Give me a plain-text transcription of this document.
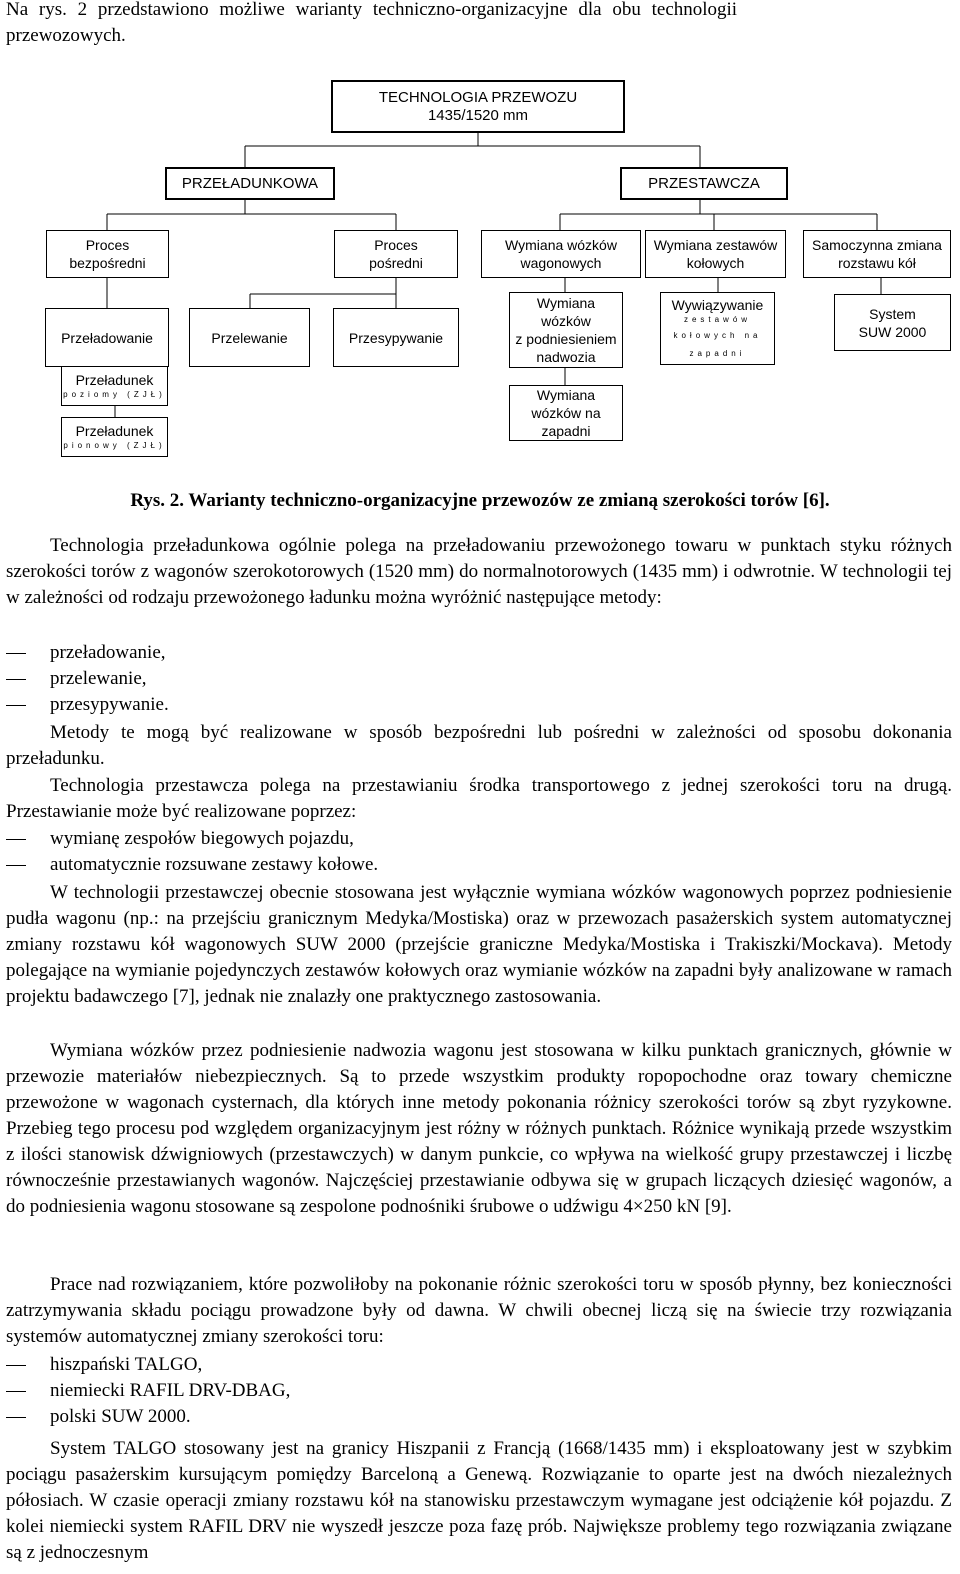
Na rys. 2 przedstawiono możliwe warianty techniczno-organizacyjne dla obu technologii
przewozowych.
TECHNOLOGIA PRZEWOZU
1435/1520 mm
PRZEŁADUNKOWA	PRZESTAWCZA
Proces
bezpośredni
Proces
pośredni
Wymiana wózków
wagonowych
Wymiana zestawów
kołowych
Samoczynna zmiana
rozstawu kół
Przeładowanie	Przelewanie	Przesypywanie
Wymiana
wózków
z podniesieniem
nadwozia
Wywiązywanie
zestawów
kołowych na
zapadni
System
SUW 2000
Przeładunek
poziomy (ZJŁ)
Przeładunek
pionowy (ZJŁ)
Wymiana
wózków na
zapadni
Rys. 2. Warianty techniczno-organizacyjne przewozów ze zmianą szerokości torów [6].

Technologia przeładunkowa ogólnie polega na przeładowaniu przewożonego towaru w punktach styku różnych szerokości torów z wagonów szerokotorowych (1520 mm) do normalnotorowych (1435 mm) i odwrotnie. W technologii tej w zależności od rodzaju przewożonego ładunku można wyróżnić następujące metody:

przeładowanie,
przelewanie,
przesypywanie.

Metody te mogą być realizowane w sposób bezpośredni lub pośredni w zależności od sposobu dokonania przeładunku.

Technologia przestawcza polega na przestawianiu środka transportowego z jednej szerokości toru na drugą. Przestawianie może być realizowane poprzez:

wymianę zespołów biegowych pojazdu,
automatycznie rozsuwane zestawy kołowe.

W technologii przestawczej obecnie stosowana jest wyłącznie wymiana wózków wagonowych poprzez podniesienie pudła wagonu (np.: na przejściu granicznym Medyka/Mostiska) oraz w przewozach pasażerskich system automatycznej zmiany rozstawu kół wagonowych SUW 2000 (przejście graniczne Medyka/Mostiska i Trakiszki/Mockava). Metody polegające na wymianie pojedynczych zestawów kołowych oraz wymianie wózków na zapadni były analizowane w ramach projektu badawczego [7], jednak nie znalazły one praktycznego zastosowania.

Wymiana wózków przez podniesienie nadwozia wagonu jest stosowana w kilku punktach granicznych, głównie w przewozie materiałów niebezpiecznych. Są to przede wszystkim produkty ropopochodne oraz towary chemiczne przewożone w wagonach cysternach, dla których inne metody pokonania różnicy szerokości torów są zbyt ryzykowne. Przebieg tego procesu pod względem organizacyjnym jest różny w różnych punktach. Różnice wynikają przede wszystkim z ilości stanowisk dźwigniowych (przestawczych) w danym punkcie, co wpływa na wielkość grupy przestawczej i liczbę równocześnie przestawianych wagonów. Najczęściej przestawianie odbywa się w grupach liczących dziesięć wagonów, a do podniesienia wagonu stosowane są zespolone podnośniki śrubowe o udźwigu 4×250 kN [9].

Prace nad rozwiązaniem, które pozwoliłoby na pokonanie różnic szerokości toru w sposób płynny, bez konieczności zatrzymywania składu pociągu prowadzone były od dawna. W chwili obecnej liczą się na świecie trzy rozwiązania systemów automatycznej zmiany szerokości toru:

hiszpański TALGO,
niemiecki RAFIL DRV-DBAG,
polski SUW 2000.

System TALGO stosowany jest na granicy Hiszpanii z Francją (1668/1435 mm) i eksploatowany jest w szybkim pociągu pasażerskim kursującym pomiędzy Barceloną a Genewą. Rozwiązanie to oparte jest na dwóch niezależnych półosiach. W czasie operacji zmiany rozstawu kół na stanowisku przestawczym wymagane jest odciążenie kół pojazdu. Z kolei niemiecki system RAFIL DRV nie wyszedł jeszcze poza fazę prób. Największe problemy tego rozwiązania związane są z jednoczesnym
